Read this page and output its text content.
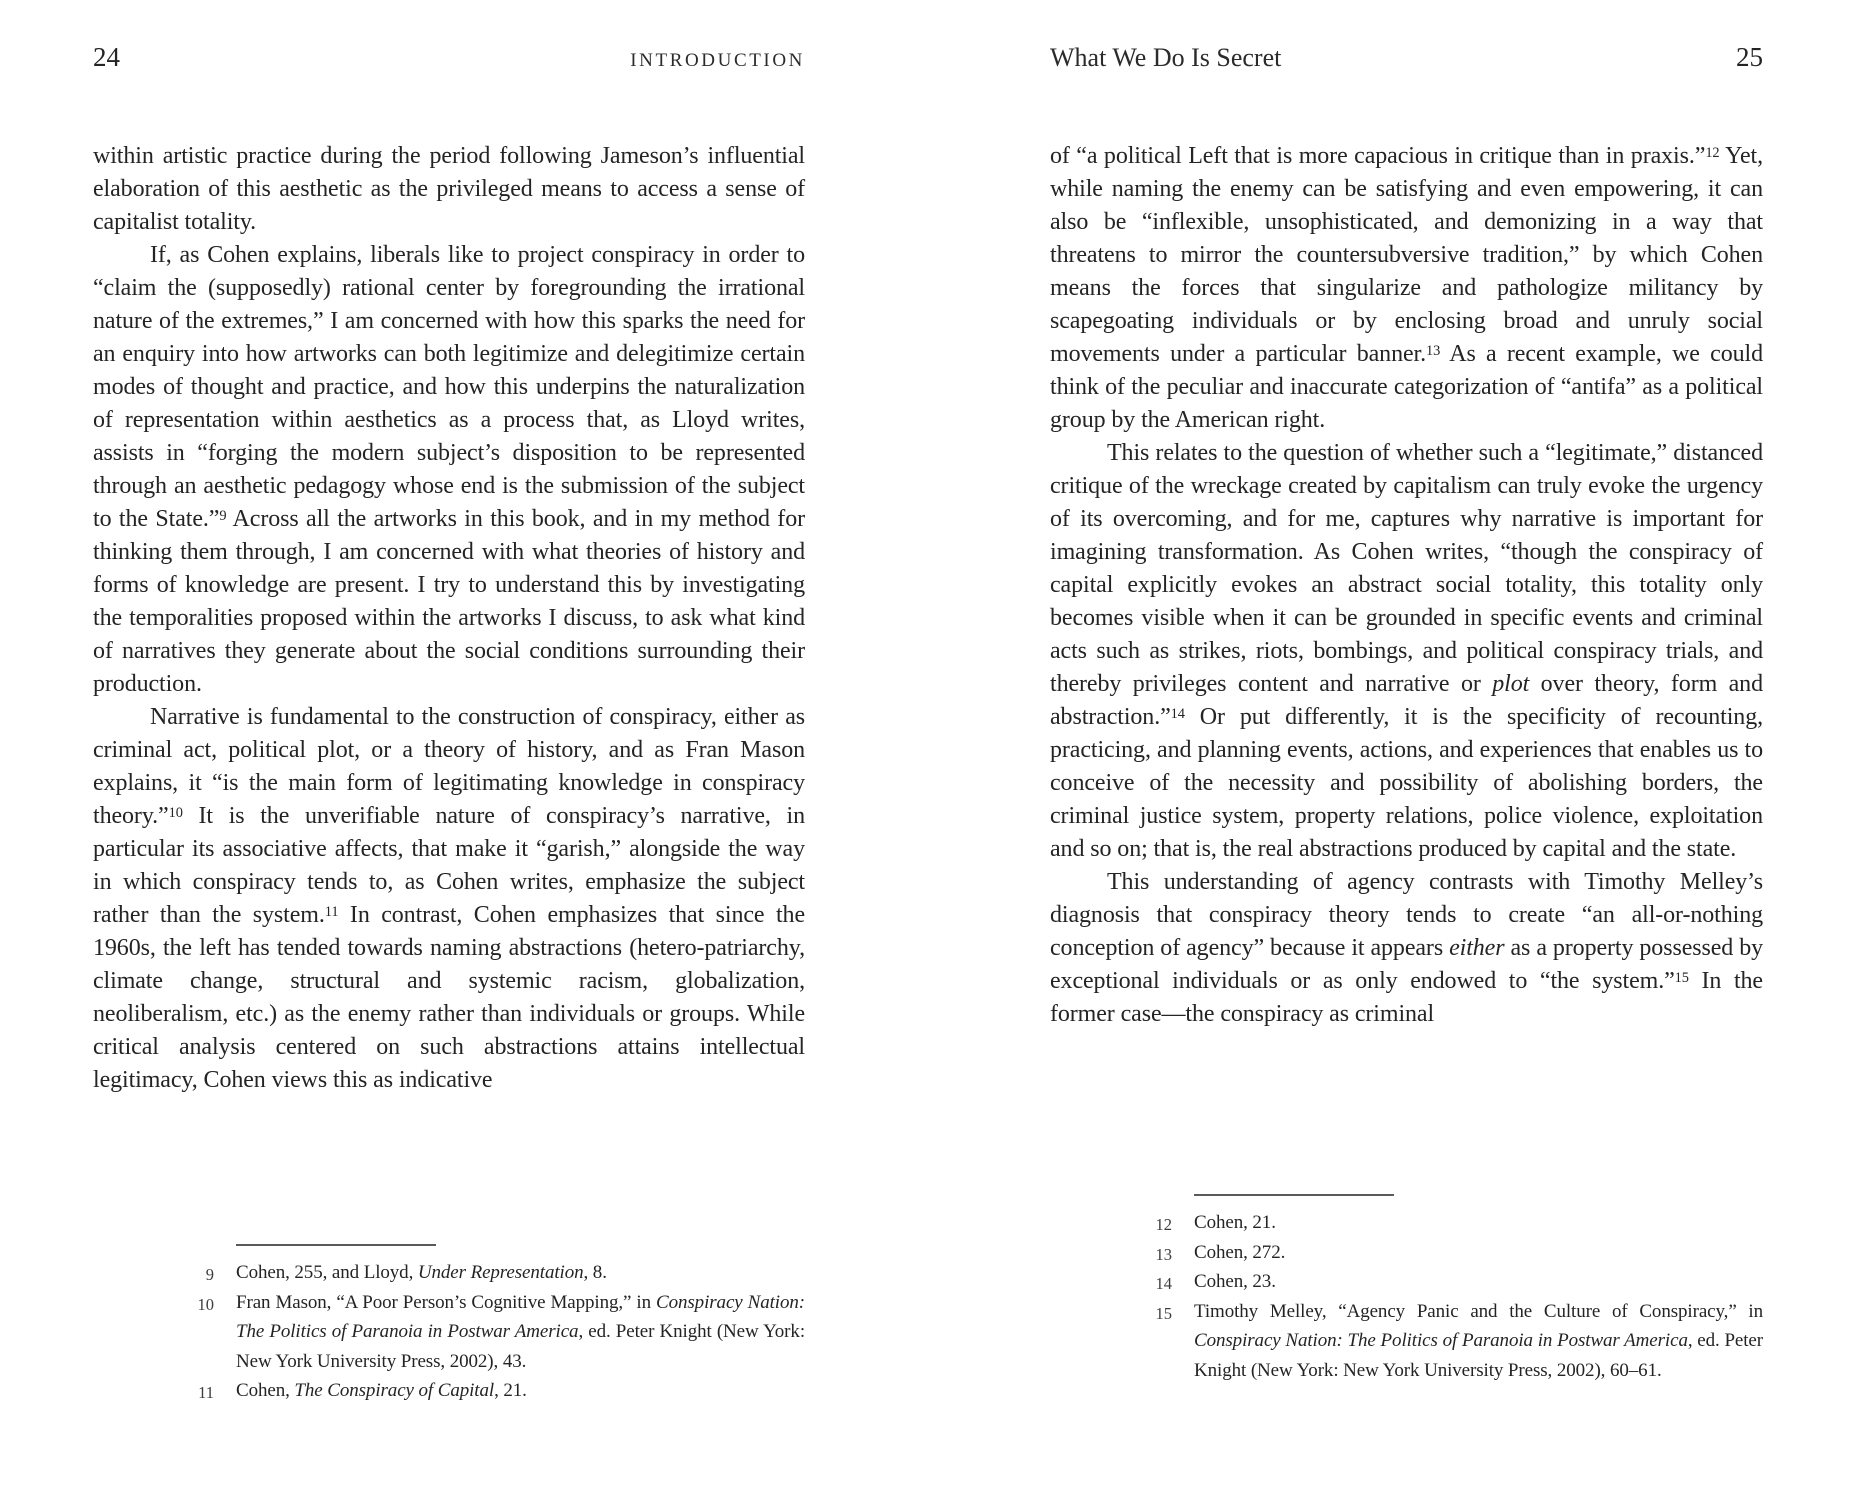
24	INTRODUCTION

within artistic practice during the period following Jameson’s influential elaboration of this aesthetic as the privileged means to access a sense of capitalist totality.

If, as Cohen explains, liberals like to project conspiracy in order to “claim the (supposedly) rational center by foregrounding the irrational nature of the extremes,” I am concerned with how this sparks the need for an enquiry into how artworks can both legitimize and delegitimize certain modes of thought and practice, and how this underpins the naturalization of representation within aesthetics as a process that, as Lloyd writes, assists in “forging the modern subject’s disposition to be represented through an aesthetic pedagogy whose end is the submission of the subject to the State.”$^9$ Across all the artworks in this book, and in my method for thinking them through, I am concerned with what theories of history and forms of knowledge are present. I try to understand this by investigating the temporalities proposed within the artworks I discuss, to ask what kind of narratives they generate about the social conditions surrounding their production.

Narrative is fundamental to the construction of conspiracy, either as criminal act, political plot, or a theory of history, and as Fran Mason explains, it “is the main form of legitimating knowledge in conspiracy theory.”$^{10}$ It is the unverifiable nature of conspiracy’s narrative, in particular its associative affects, that make it “garish,” alongside the way in which conspiracy tends to, as Cohen writes, emphasize the subject rather than the system.$^{11}$ In contrast, Cohen emphasizes that since the 1960s, the left has tended towards naming abstractions (hetero-patriarchy, climate change, structural and systemic racism, globalization, neoliberalism, etc.) as the enemy rather than individuals or groups. While critical analysis centered on such abstractions attains intellectual legitimacy, Cohen views this as indicative

9 Cohen, 255, and Lloyd, Under Representation, 8.
10 Fran Mason, “A Poor Person’s Cognitive Mapping,” in Conspiracy Nation: The Politics of Paranoia in Postwar America, ed. Peter Knight (New York: New York University Press, 2002), 43.
11 Cohen, The Conspiracy of Capital, 21.
What We Do Is Secret	25

of “a political Left that is more capacious in critique than in praxis.”$^{12}$ Yet, while naming the enemy can be satisfying and even empowering, it can also be “inflexible, unsophisticated, and demonizing in a way that threatens to mirror the countersubversive tradition,” by which Cohen means the forces that singularize and pathologize militancy by scapegoating individuals or by enclosing broad and unruly social movements under a particular banner.$^{13}$ As a recent example, we could think of the peculiar and inaccurate categorization of “antifa” as a political group by the American right.

This relates to the question of whether such a “legitimate,” distanced critique of the wreckage created by capitalism can truly evoke the urgency of its overcoming, and for me, captures why narrative is important for imagining transformation. As Cohen writes, “though the conspiracy of capital explicitly evokes an abstract social totality, this totality only becomes visible when it can be grounded in specific events and criminal acts such as strikes, riots, bombings, and political conspiracy trials, and thereby privileges content and narrative or plot over theory, form and abstraction.”$^{14}$ Or put differently, it is the specificity of recounting, practicing, and planning events, actions, and experiences that enables us to conceive of the necessity and possibility of abolishing borders, the criminal justice system, property relations, police violence, exploitation and so on; that is, the real abstractions produced by capital and the state.

This understanding of agency contrasts with Timothy Melley’s diagnosis that conspiracy theory tends to create “an all-or-nothing conception of agency” because it appears either as a property possessed by exceptional individuals or as only endowed to “the system.”$^{15}$ In the former case—the conspiracy as criminal

12 Cohen, 21.
13 Cohen, 272.
14 Cohen, 23.
15 Timothy Melley, “Agency Panic and the Culture of Conspiracy,” in Conspiracy Nation: The Politics of Paranoia in Postwar America, ed. Peter Knight (New York: New York University Press, 2002), 60–61.
